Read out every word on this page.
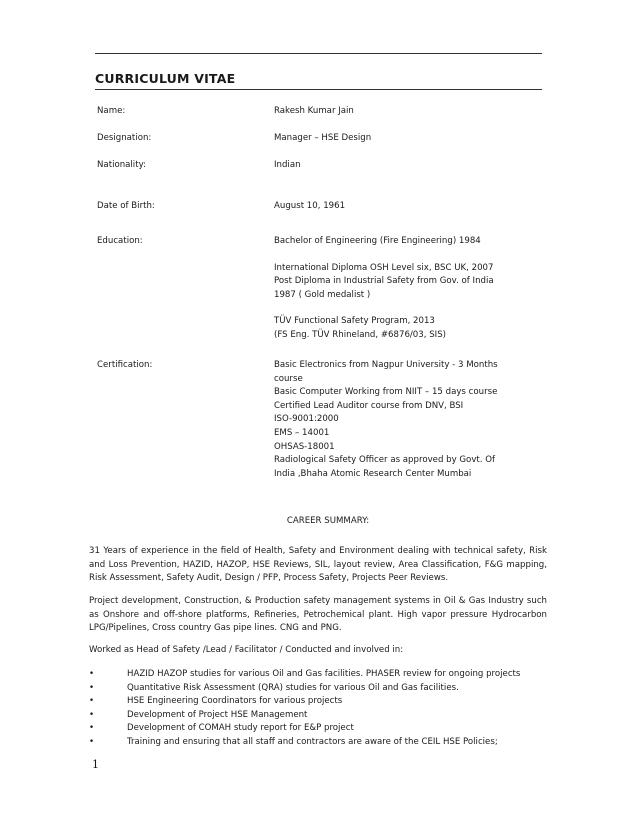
CURRICULUM VITAE
Name:	Rakesh Kumar Jain
Designation:	Manager – HSE Design
Nationality:	Indian
Date of Birth:	August 10, 1961
Education:	Bachelor of Engineering (Fire Engineering) 1984
International Diploma OSH Level six, BSC UK, 2007
Post Diploma in Industrial Safety from Gov. of India
1987 ( Gold medalist )
TÜV Functional Safety Program, 2013
(FS Eng. TÜV Rhineland, #6876/03, SIS)
Certification:	Basic Electronics from Nagpur University - 3 Months
course
Basic Computer Working from NIIT – 15 days course
Certified Lead Auditor course from DNV, BSI
ISO-9001:2000
EMS – 14001
OHSAS-18001
Radiological Safety Officer as approved by Govt. Of
India ,Bhaha Atomic Research Center Mumbai
CAREER SUMMARY:
31 Years of experience in the field of Health, Safety and Environment dealing with technical safety, Risk and Loss Prevention, HAZID, HAZOP, HSE Reviews, SIL, layout review, Area Classification, F&G mapping, Risk Assessment, Safety Audit, Design / PFP, Process Safety, Projects Peer Reviews.
Project development, Construction, & Production safety management systems in Oil & Gas Industry such as Onshore and off-shore platforms, Refineries, Petrochemical plant. High vapor pressure Hydrocarbon LPG/Pipelines, Cross country Gas pipe lines. CNG and PNG.
Worked as Head of Safety /Lead / Facilitator / Conducted and involved in:
•	HAZID HAZOP studies for various Oil and Gas facilities. PHASER review for ongoing projects
•	Quantitative Risk Assessment (QRA) studies for various Oil and Gas facilities.
•	HSE Engineering Coordinators for various projects
•	Development of Project HSE Management
•	Development of COMAH study report for E&P project
•	Training and ensuring that all staff and contractors are aware of the CEIL HSE Policies;
1
